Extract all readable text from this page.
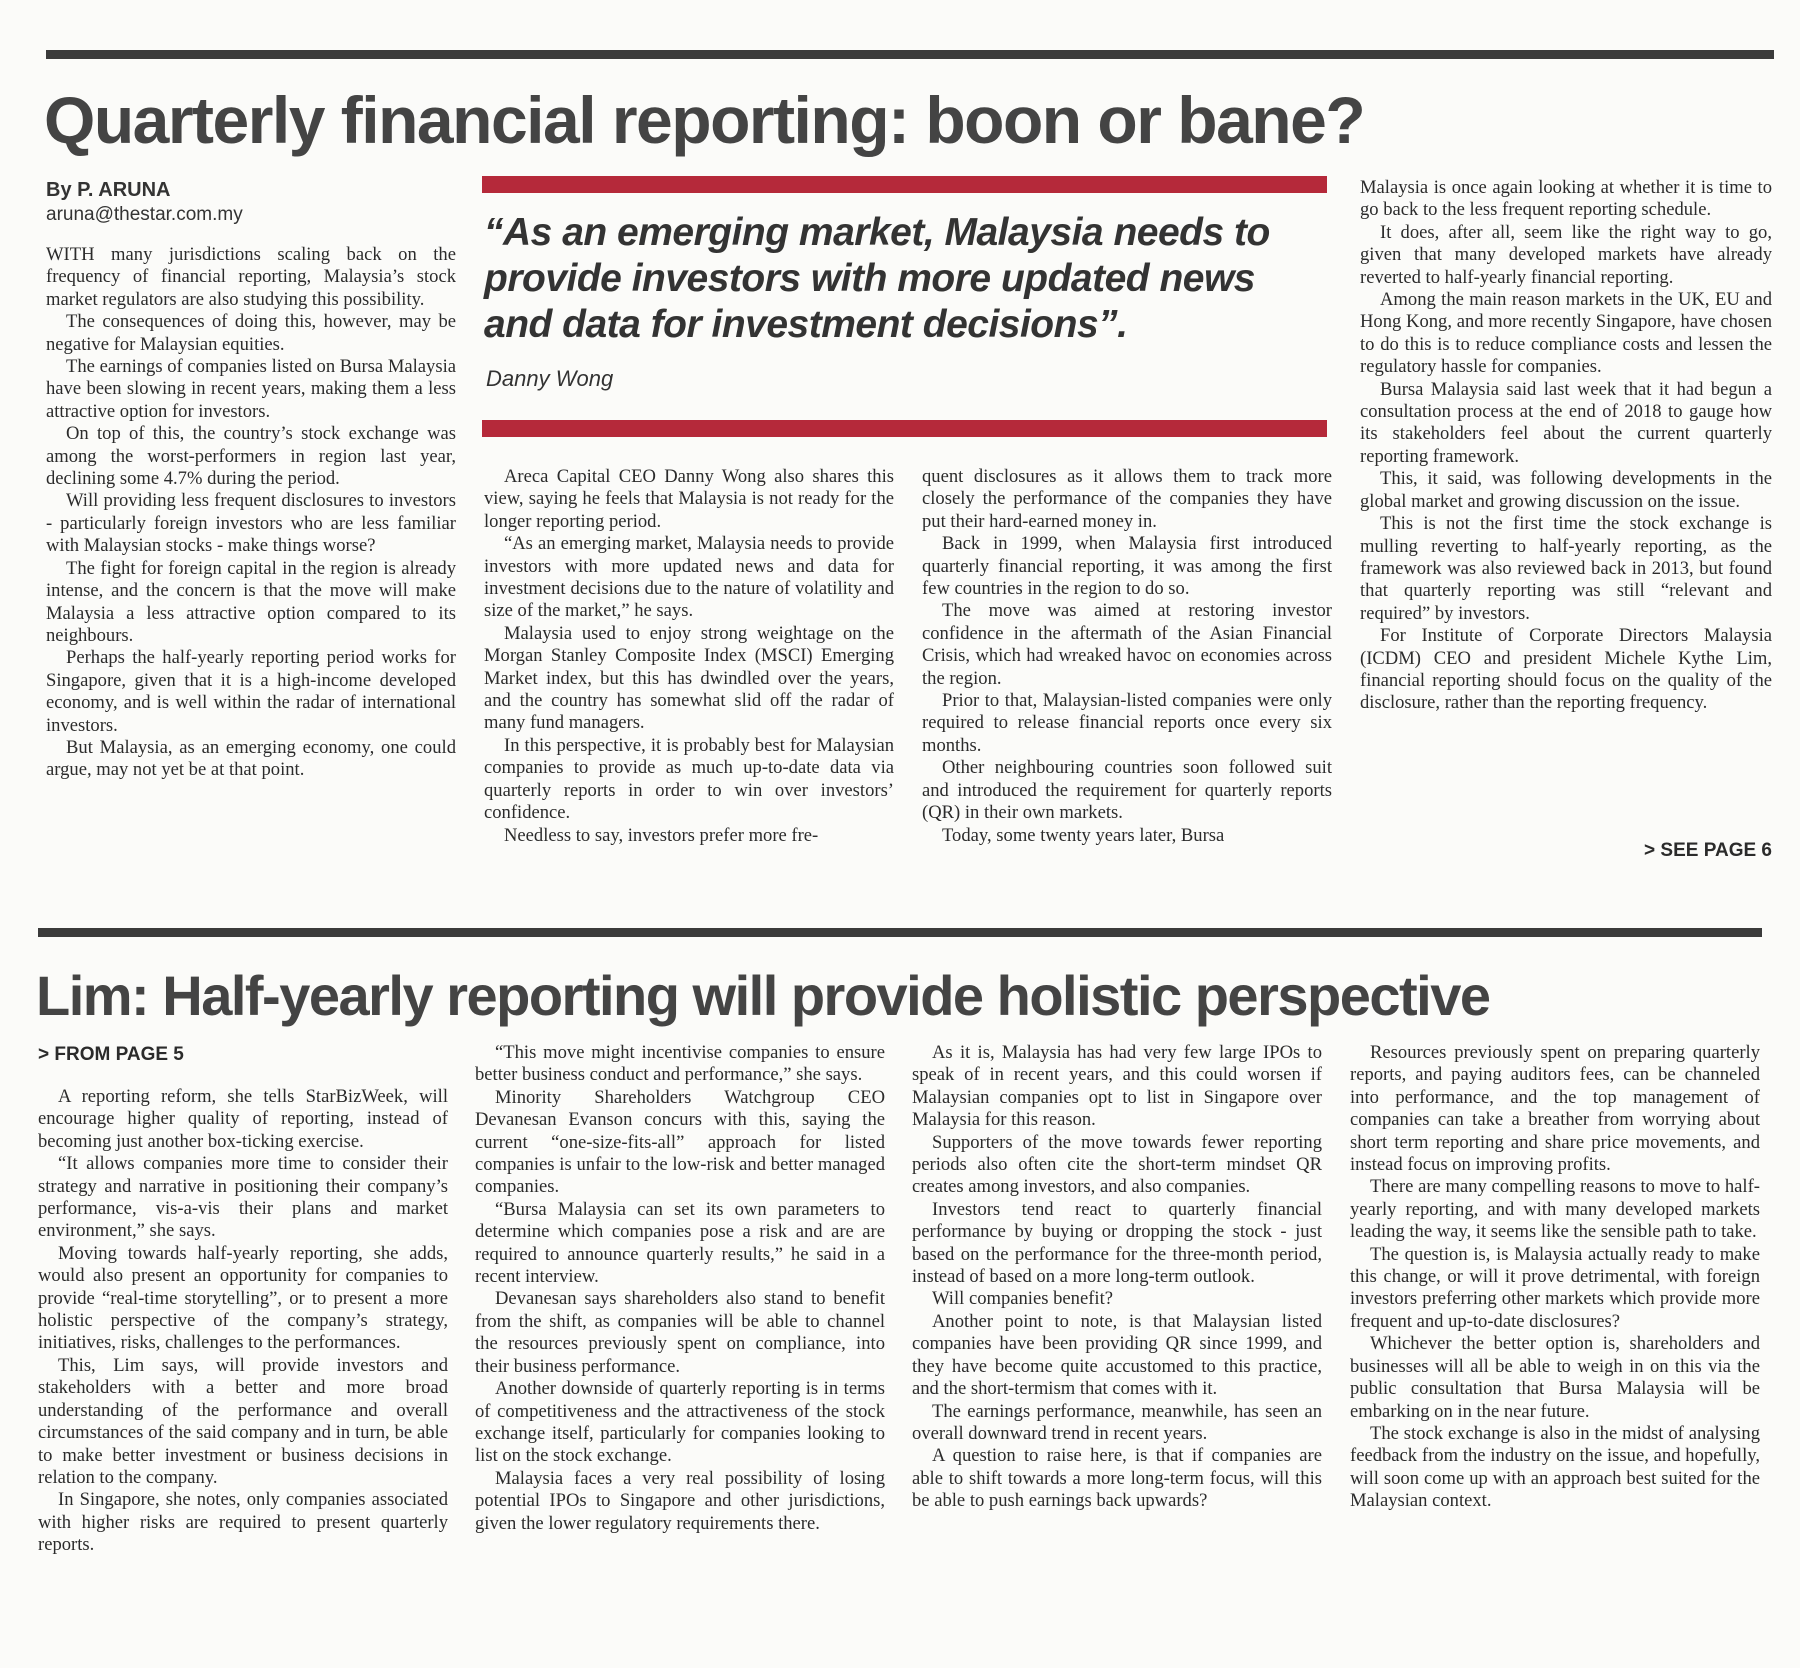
Quarterly financial reporting: boon or bane?
By P. ARUNA
aruna@thestar.com.my

WITH many jurisdictions scaling back on the frequency of financial reporting, Malaysia’s stock market regulators are also studying this possibility.

The consequences of doing this, however, may be negative for Malaysian equities.

The earnings of companies listed on Bursa Malaysia have been slowing in recent years, making them a less attractive option for investors.

On top of this, the country’s stock exchange was among the worst-performers in region last year, declining some 4.7% during the period.

Will providing less frequent disclosures to investors - particularly foreign investors who are less familiar with Malaysian stocks - make things worse?

The fight for foreign capital in the region is already intense, and the concern is that the move will make Malaysia a less attractive option compared to its neighbours.

Perhaps the half-yearly reporting period works for Singapore, given that it is a high-income developed economy, and is well within the radar of international investors.

But Malaysia, as an emerging economy, one could argue, may not yet be at that point.

“As an emerging market, Malaysia needs to provide investors with more updated news and data for investment decisions”.

Danny Wong

Areca Capital CEO Danny Wong also shares this view, saying he feels that Malaysia is not ready for the longer reporting period.

“As an emerging market, Malaysia needs to provide investors with more updated news and data for investment decisions due to the nature of volatility and size of the market,” he says.

Malaysia used to enjoy strong weightage on the Morgan Stanley Composite Index (MSCI) Emerging Market index, but this has dwindled over the years, and the country has somewhat slid off the radar of many fund managers.

In this perspective, it is probably best for Malaysian companies to provide as much up-to-date data via quarterly reports in order to win over investors’ confidence.

Needless to say, investors prefer more fre-

quent disclosures as it allows them to track more closely the performance of the companies they have put their hard-earned money in.

Back in 1999, when Malaysia first introduced quarterly financial reporting, it was among the first few countries in the region to do so.

The move was aimed at restoring investor confidence in the aftermath of the Asian Financial Crisis, which had wreaked havoc on economies across the region.

Prior to that, Malaysian-listed companies were only required to release financial reports once every six months.

Other neighbouring countries soon followed suit and introduced the requirement for quarterly reports (QR) in their own markets.

Today, some twenty years later, Bursa

Malaysia is once again looking at whether it is time to go back to the less frequent reporting schedule.

It does, after all, seem like the right way to go, given that many developed markets have already reverted to half-yearly financial reporting.

Among the main reason markets in the UK, EU and Hong Kong, and more recently Singapore, have chosen to do this is to reduce compliance costs and lessen the regulatory hassle for companies.

Bursa Malaysia said last week that it had begun a consultation process at the end of 2018 to gauge how its stakeholders feel about the current quarterly reporting framework.

This, it said, was following developments in the global market and growing discussion on the issue.

This is not the first time the stock exchange is mulling reverting to half-yearly reporting, as the framework was also reviewed back in 2013, but found that quarterly reporting was still “relevant and required” by investors.

For Institute of Corporate Directors Malaysia (ICDM) CEO and president Michele Kythe Lim, financial reporting should focus on the quality of the disclosure, rather than the reporting frequency.

> SEE PAGE 6
Lim: Half-yearly reporting will provide holistic perspective
> FROM PAGE 5

A reporting reform, she tells StarBizWeek, will encourage higher quality of reporting, instead of becoming just another box-ticking exercise.

“It allows companies more time to consider their strategy and narrative in positioning their company’s performance, vis-a-vis their plans and market environment,” she says.

Moving towards half-yearly reporting, she adds, would also present an opportunity for companies to provide “real-time storytelling”, or to present a more holistic perspective of the company’s strategy, initiatives, risks, challenges to the performances.

This, Lim says, will provide investors and stakeholders with a better and more broad understanding of the performance and overall circumstances of the said company and in turn, be able to make better investment or business decisions in relation to the company.

In Singapore, she notes, only companies associated with higher risks are required to present quarterly reports.

“This move might incentivise companies to ensure better business conduct and performance,” she says.

Minority Shareholders Watchgroup CEO Devanesan Evanson concurs with this, saying the current “one-size-fits-all” approach for listed companies is unfair to the low-risk and better managed companies.

“Bursa Malaysia can set its own parameters to determine which companies pose a risk and are are required to announce quarterly results,” he said in a recent interview.

Devanesan says shareholders also stand to benefit from the shift, as companies will be able to channel the resources previously spent on compliance, into their business performance.

Another downside of quarterly reporting is in terms of competitiveness and the attractiveness of the stock exchange itself, particularly for companies looking to list on the stock exchange.

Malaysia faces a very real possibility of losing potential IPOs to Singapore and other jurisdictions, given the lower regulatory requirements there.

As it is, Malaysia has had very few large IPOs to speak of in recent years, and this could worsen if Malaysian companies opt to list in Singapore over Malaysia for this reason.

Supporters of the move towards fewer reporting periods also often cite the short-term mindset QR creates among investors, and also companies.

Investors tend react to quarterly financial performance by buying or dropping the stock - just based on the performance for the three-month period, instead of based on a more long-term outlook.

Will companies benefit?

Another point to note, is that Malaysian listed companies have been providing QR since 1999, and they have become quite accustomed to this practice, and the short-termism that comes with it.

The earnings performance, meanwhile, has seen an overall downward trend in recent years.

A question to raise here, is that if companies are able to shift towards a more long-term focus, will this be able to push earnings back upwards?

Resources previously spent on preparing quarterly reports, and paying auditors fees, can be channeled into performance, and the top management of companies can take a breather from worrying about short term reporting and share price movements, and instead focus on improving profits.

There are many compelling reasons to move to half-yearly reporting, and with many developed markets leading the way, it seems like the sensible path to take.

The question is, is Malaysia actually ready to make this change, or will it prove detrimental, with foreign investors preferring other markets which provide more frequent and up-to-date disclosures?

Whichever the better option is, shareholders and businesses will all be able to weigh in on this via the public consultation that Bursa Malaysia will be embarking on in the near future.

The stock exchange is also in the midst of analysing feedback from the industry on the issue, and hopefully, will soon come up with an approach best suited for the Malaysian context.
